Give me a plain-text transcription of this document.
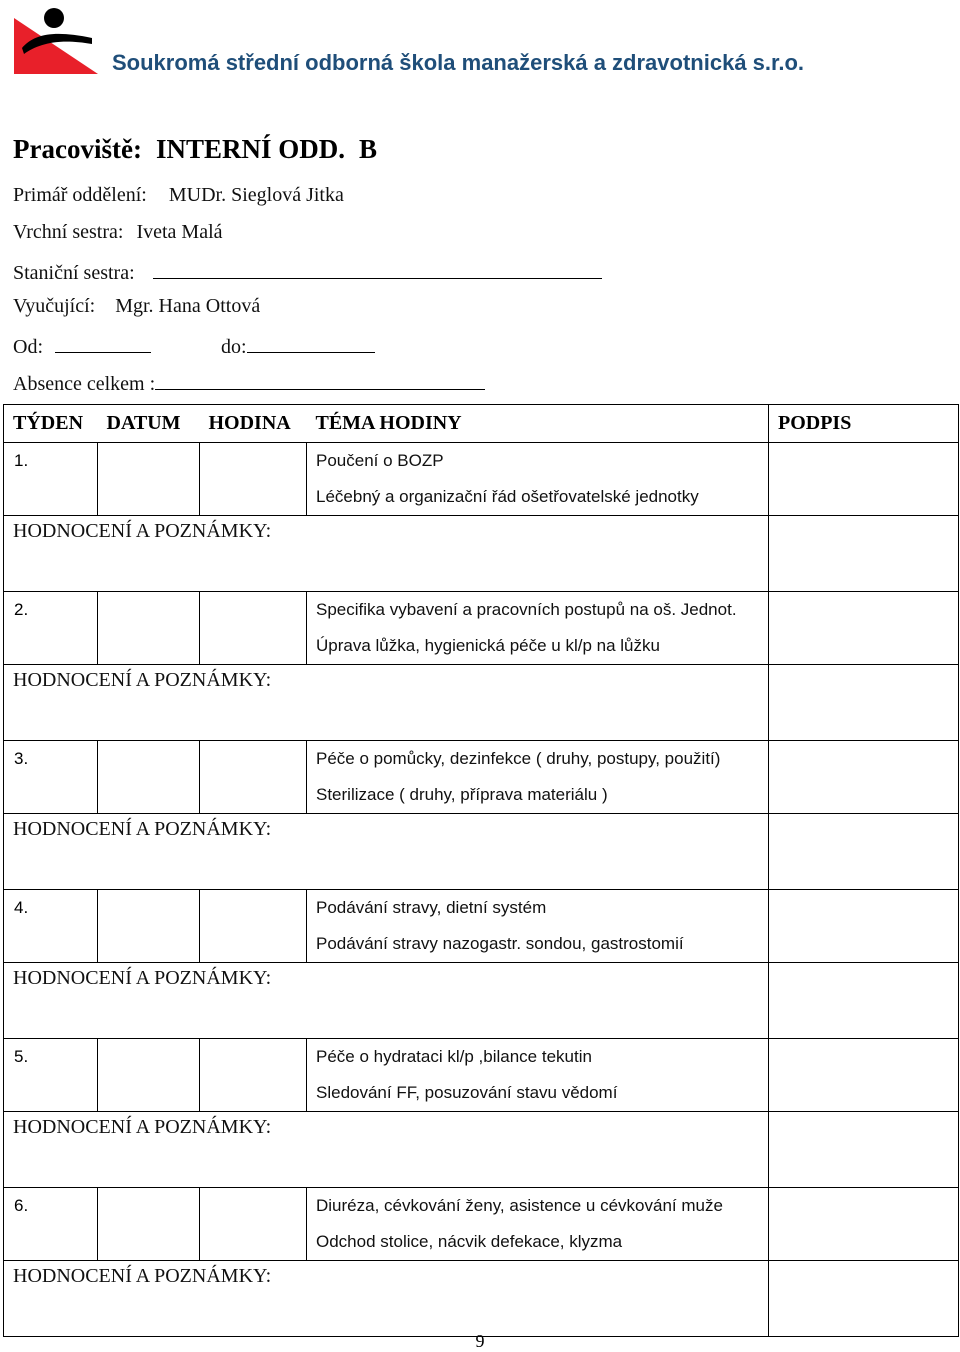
Soukromá střední odborná škola manažerská a zdravotnická s.r.o.
Pracoviště: INTERNÍ ODD. B
Primář oddělení: MUDr. Sieglová Jitka
Vrchní sestra: Iveta Malá
Staniční sestra:
Vyučující: Mgr. Hana Ottová
Od:	do:
Absence celkem :
TÝDEN	DATUM	HODINA	TÉMA HODINY	PODPIS
1.			Poučení o BOZP	
			Léčebný a organizační řád ošetřovatelské jednotky	
HODNOCENÍ A POZNÁMKY:				
2.			Specifika vybavení a pracovních postupů na oš. Jednot.	
			Úprava lůžka, hygienická péče u kl/p na lůžku	
HODNOCENÍ A POZNÁMKY:				
3.			Péče o pomůcky, dezinfekce ( druhy, postupy, použití)	
			Sterilizace ( druhy, příprava materiálu )	
HODNOCENÍ A POZNÁMKY:				
4.			Podávání stravy, dietní systém	
			Podávání stravy nazogastr. sondou, gastrostomií	
HODNOCENÍ A POZNÁMKY:				
5.			Péče o hydrataci kl/p ,bilance tekutin	
			Sledování FF, posuzování stavu vědomí	
HODNOCENÍ A POZNÁMKY:				
6.			Diuréza, cévkování ženy, asistence u cévkování muže	
			Odchod stolice, nácvik defekace, klyzma	
HODNOCENÍ A POZNÁMKY:				
9
